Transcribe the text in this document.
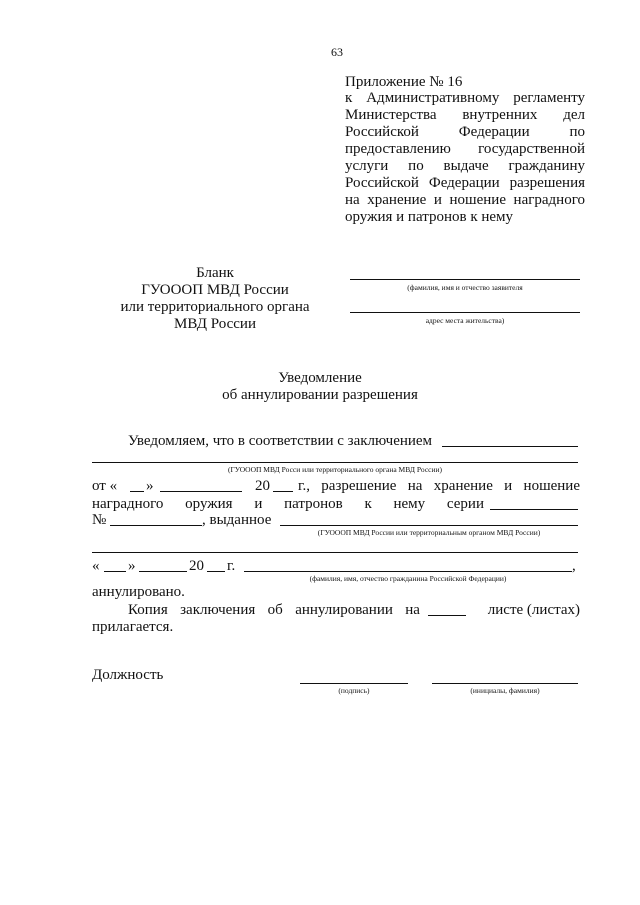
63
Приложение № 16
к Административному регламенту
Министерства внутренних дел
Российской Федерации по
предоставлению государственной
услуги по выдаче гражданину
Российской Федерации разрешения
на хранение и ношение наградного
оружия и патронов к нему
Бланк
ГУОООП МВД России
или территориального органа
МВД России
(фамилия, имя и отчество заявителя
адрес места жительства)
Уведомление
об аннулировании разрешения
Уведомляем, что в соответствии с заключением
(ГУОООП МВД Росси или территориального органа МВД России)
от « »	20 г., разрешение на хранение и ношение
наградного оружия и патронов к нему серии
№	, выданное
(ГУОООП МВД России или территориальным органом МВД России)
« »	20 г.	,
(фамилия, имя, отчество гражданина Российской Федерации)
аннулировано.
Копия заключения об аннулировании на	листе (листах)
прилагается.
Должность
(подпись)	(инициалы, фамилия)
